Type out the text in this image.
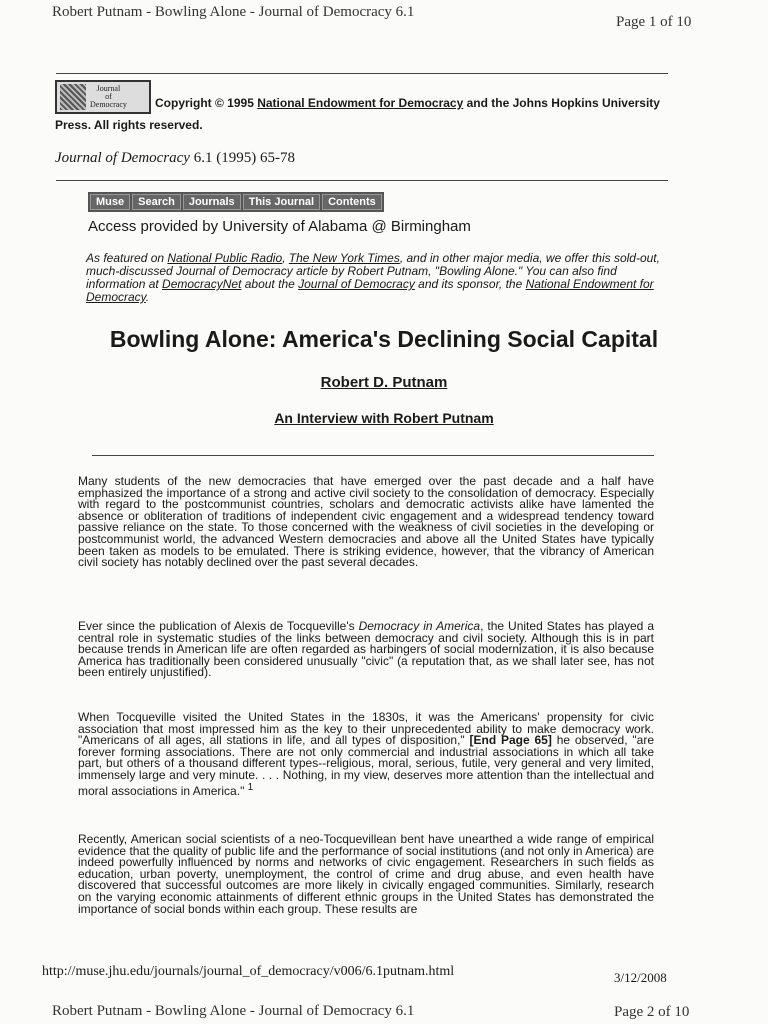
Robert Putnam - Bowling Alone - Journal of Democracy 6.1
Page 1 of 10
Journal
of
Democracy	Copyright © 1995 National Endowment for Democracy and the Johns Hopkins University Press. All rights reserved.
Journal of Democracy 6.1 (1995) 65-78
Muse	Search	Journals	This Journal	Contents
Access provided by University of Alabama @ Birmingham
As featured on National Public Radio, The New York Times, and in other major media, we offer this sold-out, much-discussed Journal of Democracy article by Robert Putnam, "Bowling Alone." You can also find information at DemocracyNet about the Journal of Democracy and its sponsor, the National Endowment for Democracy.
Bowling Alone: America's Declining Social Capital
Robert D. Putnam
An Interview with Robert Putnam
Many students of the new democracies that have emerged over the past decade and a half have emphasized the importance of a strong and active civil society to the consolidation of democracy. Especially with regard to the postcommunist countries, scholars and democratic activists alike have lamented the absence or obliteration of traditions of independent civic engagement and a widespread tendency toward passive reliance on the state. To those concerned with the weakness of civil societies in the developing or postcommunist world, the advanced Western democracies and above all the United States have typically been taken as models to be emulated. There is striking evidence, however, that the vibrancy of American civil society has notably declined over the past several decades.
Ever since the publication of Alexis de Tocqueville's Democracy in America, the United States has played a central role in systematic studies of the links between democracy and civil society. Although this is in part because trends in American life are often regarded as harbingers of social modernization, it is also because America has traditionally been considered unusually "civic" (a reputation that, as we shall later see, has not been entirely unjustified).
When Tocqueville visited the United States in the 1830s, it was the Americans' propensity for civic association that most impressed him as the key to their unprecedented ability to make democracy work. "Americans of all ages, all stations in life, and all types of disposition," [End Page 65] he observed, "are forever forming associations. There are not only commercial and industrial associations in which all take part, but others of a thousand different types--religious, moral, serious, futile, very general and very limited, immensely large and very minute. . . . Nothing, in my view, deserves more attention than the intellectual and moral associations in America." $^1$
Recently, American social scientists of a neo-Tocquevillean bent have unearthed a wide range of empirical evidence that the quality of public life and the performance of social institutions (and not only in America) are indeed powerfully influenced by norms and networks of civic engagement. Researchers in such fields as education, urban poverty, unemployment, the control of crime and drug abuse, and even health have discovered that successful outcomes are more likely in civically engaged communities. Similarly, research on the varying economic attainments of different ethnic groups in the United States has demonstrated the importance of social bonds within each group. These results are
http://muse.jhu.edu/journals/journal_of_democracy/v006/6.1putnam.html	3/12/2008
Robert Putnam - Bowling Alone - Journal of Democracy 6.1	Page 2 of 10
